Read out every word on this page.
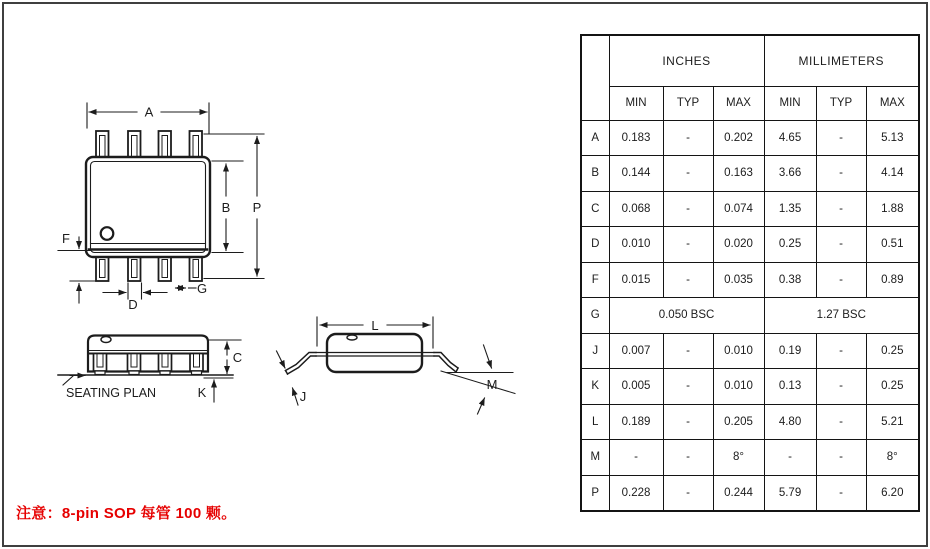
A
B P
F
D
G
SEATING PLAN
C
K
L
J
M
	INCHES			MILLIMETERS		
	MIN	TYP	MAX	MIN	TYP	MAX
A	0.183	-	0.202	4.65	-	5.13
B	0.144	-	0.163	3.66	-	4.14
C	0.068	-	0.074	1.35	-	1.88
D	0.010	-	0.020	0.25	-	0.51
F	0.015	-	0.035	0.38	-	0.89
G	0.050 BSC			1.27 BSC		
J	0.007	-	0.010	0.19	-	0.25
K	0.005	-	0.010	0.13	-	0.25
L	0.189	-	0.205	4.80	-	5.21
M	-	-	8°	-	-	8°
P	0.228	-	0.244	5.79	-	6.20
注意：8-pin SOP 每管 100 颗。
